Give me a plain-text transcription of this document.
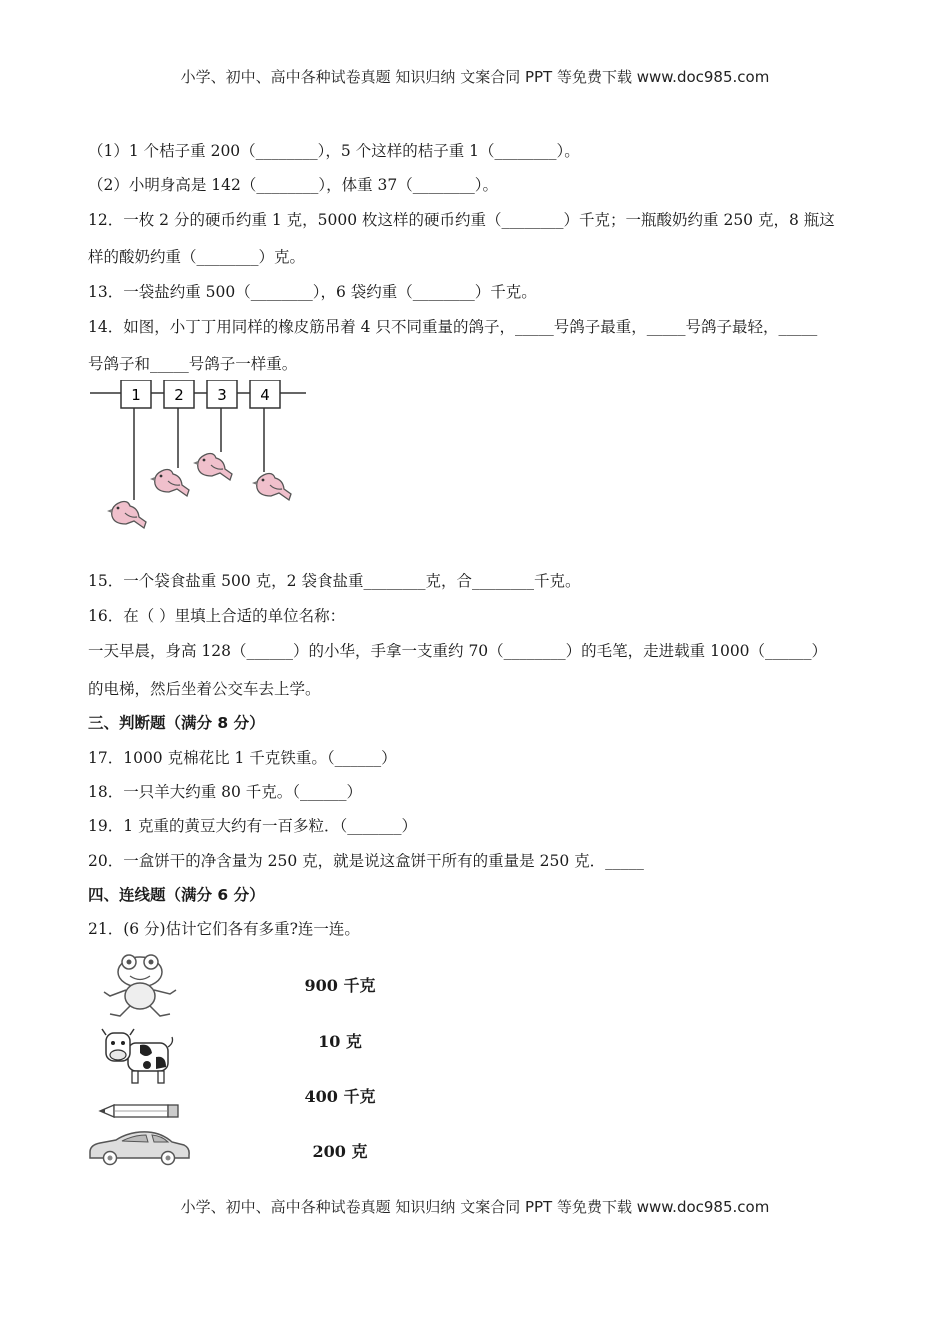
小学、初中、高中各种试卷真题 知识归纳 文案合同 PPT 等免费下载 www.doc985.com
（1）1 个桔子重 200（________），5 个这样的桔子重 1（________）。
（2）小明身高是 142（________），体重 37（________）。
12．一枚 2 分的硬币约重 1 克，5000 枚这样的硬币约重（________）千克；一瓶酸奶约重 250 克，8 瓶这
样的酸奶约重（________）克。
13．一袋盐约重 500（________），6 袋约重（________）千克。
14．如图，小丁丁用同样的橡皮筋吊着 4 只不同重量的鸽子，_____号鸽子最重，_____号鸽子最轻，_____
号鸽子和_____号鸽子一样重。
1 2 3 4
15．一个袋食盐重 500 克，2 袋食盐重________克，合________千克。
16．在（ ）里填上合适的单位名称：
一天早晨，身高 128（______）的小华，手拿一支重约 70（________）的毛笔，走进载重 1000（______）
的电梯，然后坐着公交车去上学。
三、判断题（满分 8 分）
17．1000 克棉花比 1 千克铁重。（______）
18．一只羊大约重 80 千克。（______）
19．1 克重的黄豆大约有一百多粒．（_______）
20．一盒饼干的净含量为 250 克，就是说这盒饼干所有的重量是 250 克．_____
四、连线题（满分 6 分）
21．(6 分)估计它们各有多重?连一连。
900 千克
10 克
400 千克
200 克
小学、初中、高中各种试卷真题 知识归纳 文案合同 PPT 等免费下载 www.doc985.com
